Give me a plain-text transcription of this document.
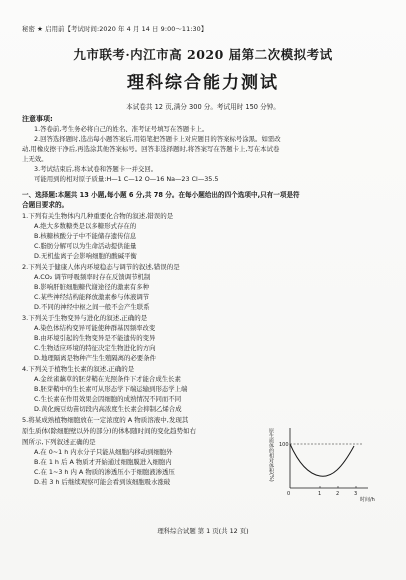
秘密 ★ 启用前【考试时间:2020 年 4 月 14 日 9:00～11:30】
九市联考·内江市高 2020 届第二次模拟考试
理科综合能力测试
本试卷共 12 页,满分 300 分。考试用时 150 分钟。
注意事项:
1.答卷前,考生务必将自己的姓名、准考证号填写在答题卡上。
2.回答选择题时,选出每小题答案后,用铅笔把答题卡上对应题目的答案标号涂黑。如需改
动,用橡皮擦干净后,再选涂其他答案标号。回答非选择题时,将答案写在答题卡上,写在本试卷
上无效。
3.考试结束后,将本试卷和答题卡一并交回。
可能用到的相对原子质量:H—1 C—12 O—16 Na—23 Cl—35.5
一、选择题:本题共 13 小题,每小题 6 分,共 78 分。在每小题给出的四个选项中,只有一项是符
合题目要求的。
1.下列有关生物体内几种重要化合物的叙述,错误的是
A.绝大多数糖类是以多糖形式存在的
B.核糖核酸分子中不能储存遗传信息
C.脂肪分解可以为生命活动提供能量
D.无机盐离子会影响细胞的酸碱平衡
2.下列关于健康人体内环境稳态与调节的叙述,错误的是
A.CO₂ 调节呼吸频率时存在反馈调节机制
B.影响肝脏细胞糖代谢途径的激素有多种
C.某些神经结构能释放激素参与体液调节
D.不同的神经中枢之间一般不会产生联系
3.下列关于生物变异与进化的叙述,正确的是
A.染色体结构变异可能使种群基因频率改变
B.由环境引起的生物变异是不能遗传的变异
C.生物适应环境的特征决定生物进化的方向
D.地理隔离是物种产生生殖隔离的必要条件
4.下列关于植物生长素的叙述,正确的是
A.金丝雀藕草的胚芽鞘在光照条件下才能合成生长素
B.胚芽鞘中的生长素可从形态学下端运输到形态学上端
C.生长素在作用效果会因细胞的成熟情况不同而不同
D.黄化豌豆幼苗切段内高浓度生长素会抑制乙烯合成
5.将某成熟植物细胞放在一定浓度的 A 物质溶液中,发现其
原生质体(除细胞壁以外的部分)的体积随时间的变化趋势如右
图所示,下列叙述正确的是
A.在 0~1 h 内水分子只能从细胞内移动到细胞外
B.在 1 h 后 A 物质才开始通过细胞膜进入细胞内
C.在 1~3 h 内 A 物质的渗透压小于细胞液渗透压
D.若 3 h 后继续观察可能会看到该细胞吸水涨破
原生质体的相对体积(%) 100
0	1	2	3
时间/h
理科综合试题 第 1 页(共 12 页)
